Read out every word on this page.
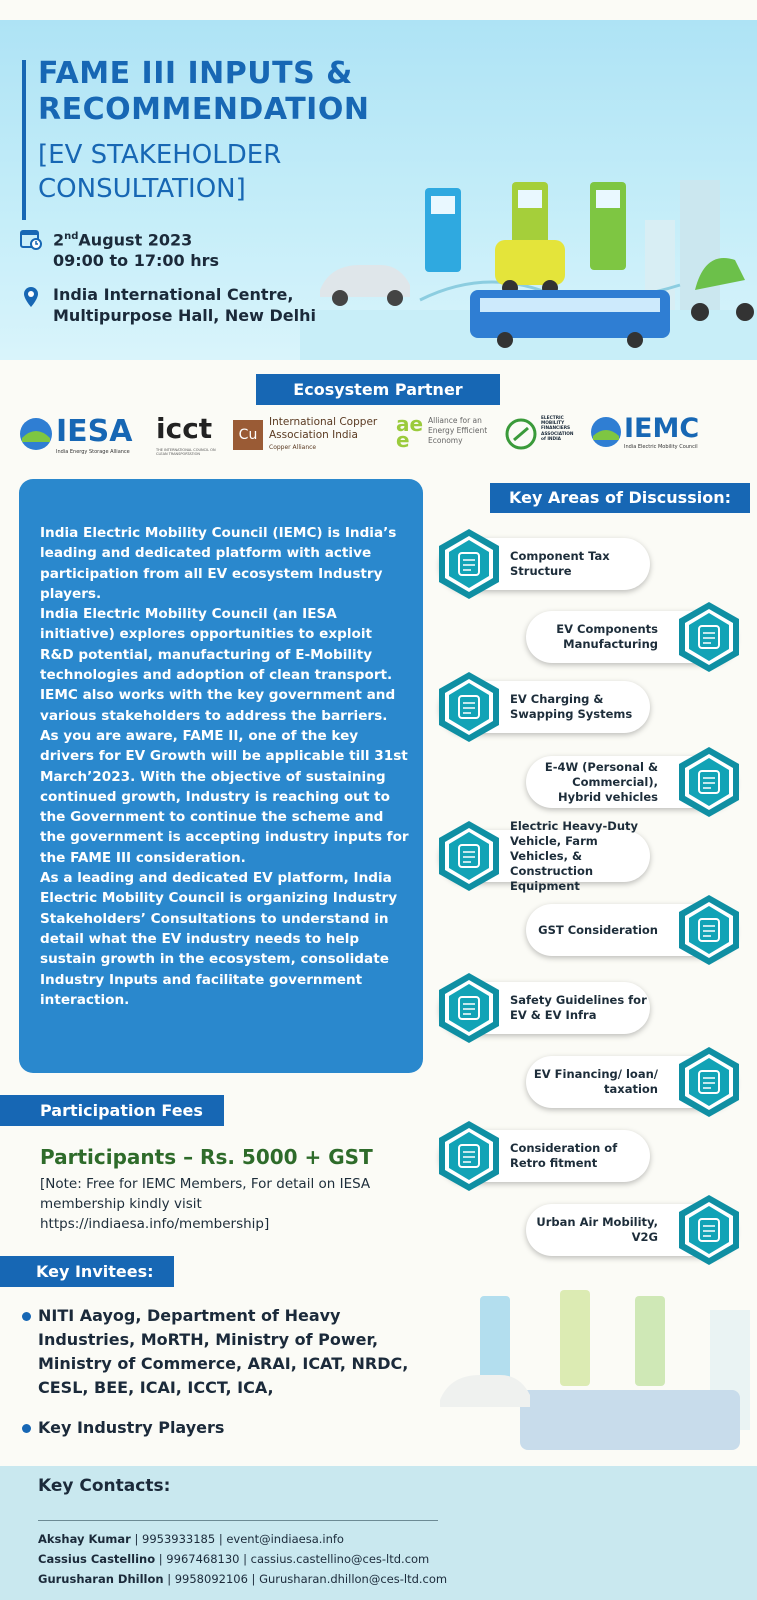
FAME III INPUTS & RECOMMENDATION
[EV STAKEHOLDER CONSULTATION]
2ndAugust 2023
09:00 to 17:00 hrs
India International Centre,
Multipurpose Hall, New Delhi
Ecosystem Partner
IESA
India Energy Storage Alliance
icct
THE INTERNATIONAL COUNCIL ON CLEAN TRANSPORTATION
Cu
International Copper
Association India
Copper Alliance
aee
Alliance for an
Energy Efficient
Economy
ELECTRIC
MOBILITY
FINANCIERS
ASSOCIATION
of INDIA	IEMC
India Electric Mobility Council

India Electric Mobility Council (IEMC) is India’s leading and dedicated platform with active participation from all EV ecosystem Industry players.
India Electric Mobility Council (an IESA initiative) explores opportunities to exploit R&D potential, manufacturing of E-Mobility technologies and adoption of clean transport. IEMC also works with the key government and various stakeholders to address the barriers.
As you are aware, FAME II, one of the key drivers for EV Growth will be applicable till 31st March’2023. With the objective of sustaining continued growth, Industry is reaching out to the Government to continue the scheme and the government is accepting industry inputs for the FAME III consideration.
As a leading and dedicated EV platform, India Electric Mobility Council is organizing Industry Stakeholders’ Consultations to understand in detail what the EV industry needs to help sustain growth in the ecosystem, consolidate Industry Inputs and facilitate government interaction.

Key Areas of Discussion:
Component Tax Structure
EV Components Manufacturing
EV Charging & Swapping Systems
E-4W (Personal & Commercial), Hybrid vehicles
Electric Heavy-Duty Vehicle, Farm Vehicles, & Construction Equipment
GST Consideration
Safety Guidelines for EV & EV Infra
EV Financing/ loan/ taxation
Consideration of Retro fitment
Urban Air Mobility, V2G
Participation Fees
Participants – Rs. 5000 + GST
[Note: Free for IEMC Members, For detail on IESA membership kindly visit https://indiaesa.info/membership]
Key Invitees:
NITI Aayog, Department of Heavy Industries, MoRTH, Ministry of Power, Ministry of Commerce, ARAI, ICAT, NRDC, CESL, BEE, ICAI, ICCT, ICA,
Key Industry Players
Key Contacts:
Akshay Kumar | 9953933185 | event@indiaesa.info
Cassius Castellino | 9967468130 | cassius.castellino@ces-ltd.com
Gurusharan Dhillon | 9958092106 | Gurusharan.dhillon@ces-ltd.com
